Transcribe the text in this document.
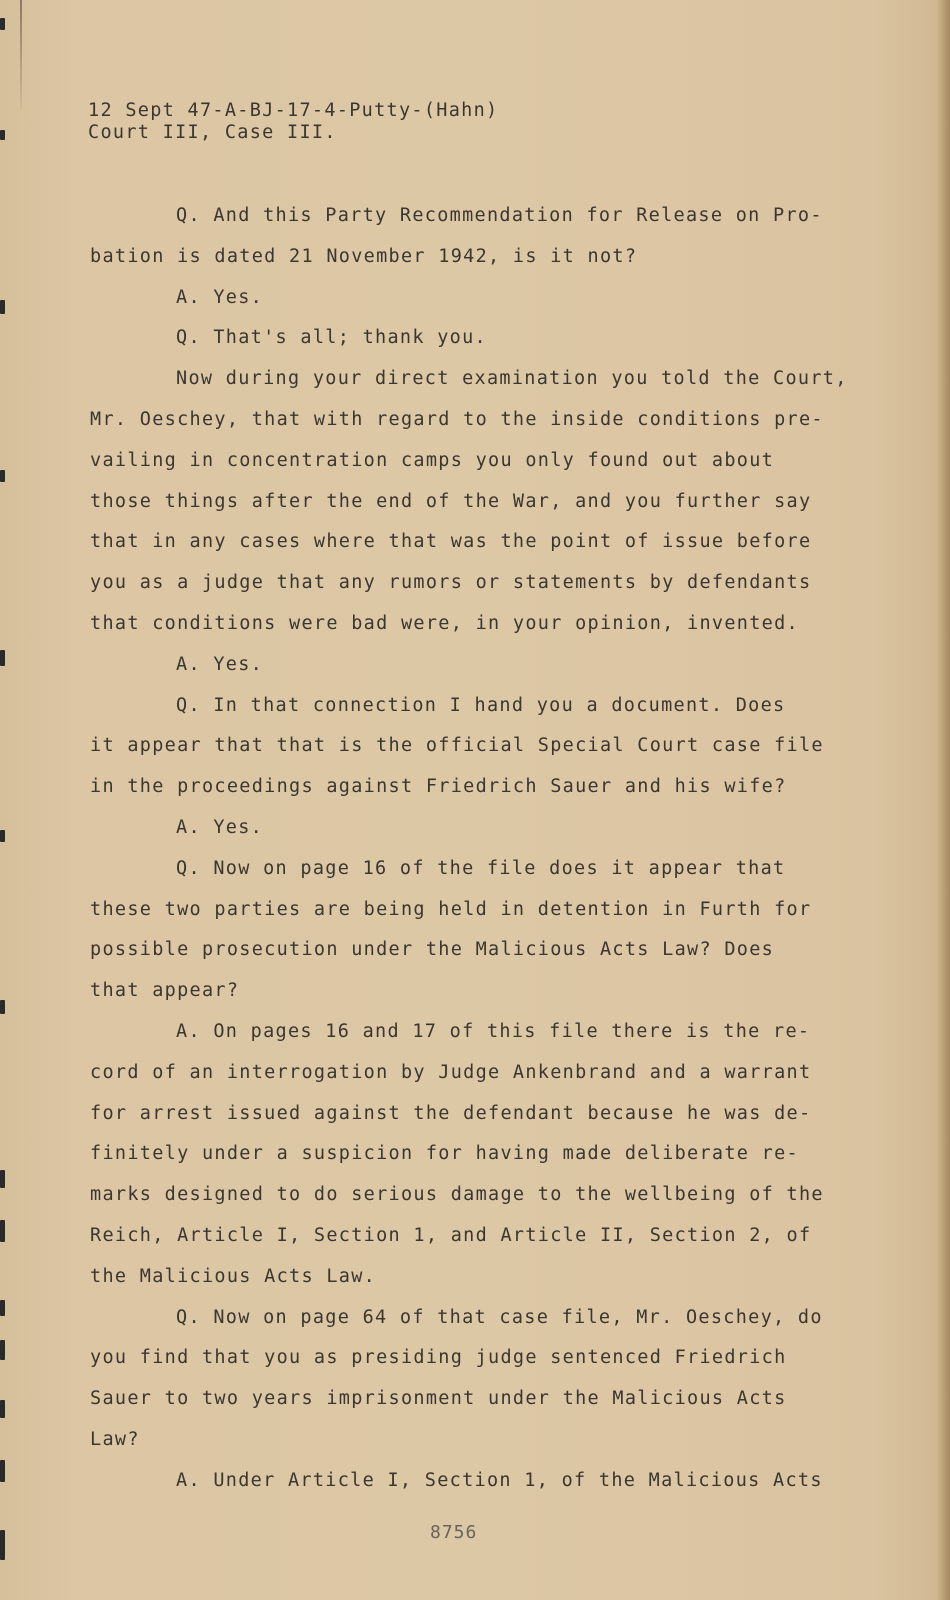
12 Sept 47-A-BJ-17-4-Putty-(Hahn)
Court III, Case III.
Q. And this Party Recommendation for Release on Pro-
bation is dated 21 November 1942, is it not?
A. Yes.
Q. That's all; thank you.
Now during your direct examination you told the Court,
Mr. Oeschey, that with regard to the inside conditions pre-
vailing in concentration camps you only found out about
those things after the end of the War, and you further say
that in any cases where that was the point of issue before
you as a judge that any rumors or statements by defendants
that conditions were bad were, in your opinion, invented.
A. Yes.
Q. In that connection I hand you a document. Does
it appear that that is the official Special Court case file
in the proceedings against Friedrich Sauer and his wife?
A. Yes.
Q. Now on page 16 of the file does it appear that
these two parties are being held in detention in Furth for
possible prosecution under the Malicious Acts Law? Does
that appear?
A. On pages 16 and 17 of this file there is the re-
cord of an interrogation by Judge Ankenbrand and a warrant
for arrest issued against the defendant because he was de-
finitely under a suspicion for having made deliberate re-
marks designed to do serious damage to the wellbeing of the
Reich, Article I, Section 1, and Article II, Section 2, of
the Malicious Acts Law.
Q. Now on page 64 of that case file, Mr. Oeschey, do
you find that you as presiding judge sentenced Friedrich
Sauer to two years imprisonment under the Malicious Acts
Law?
A. Under Article I, Section 1, of the Malicious Acts
8756
